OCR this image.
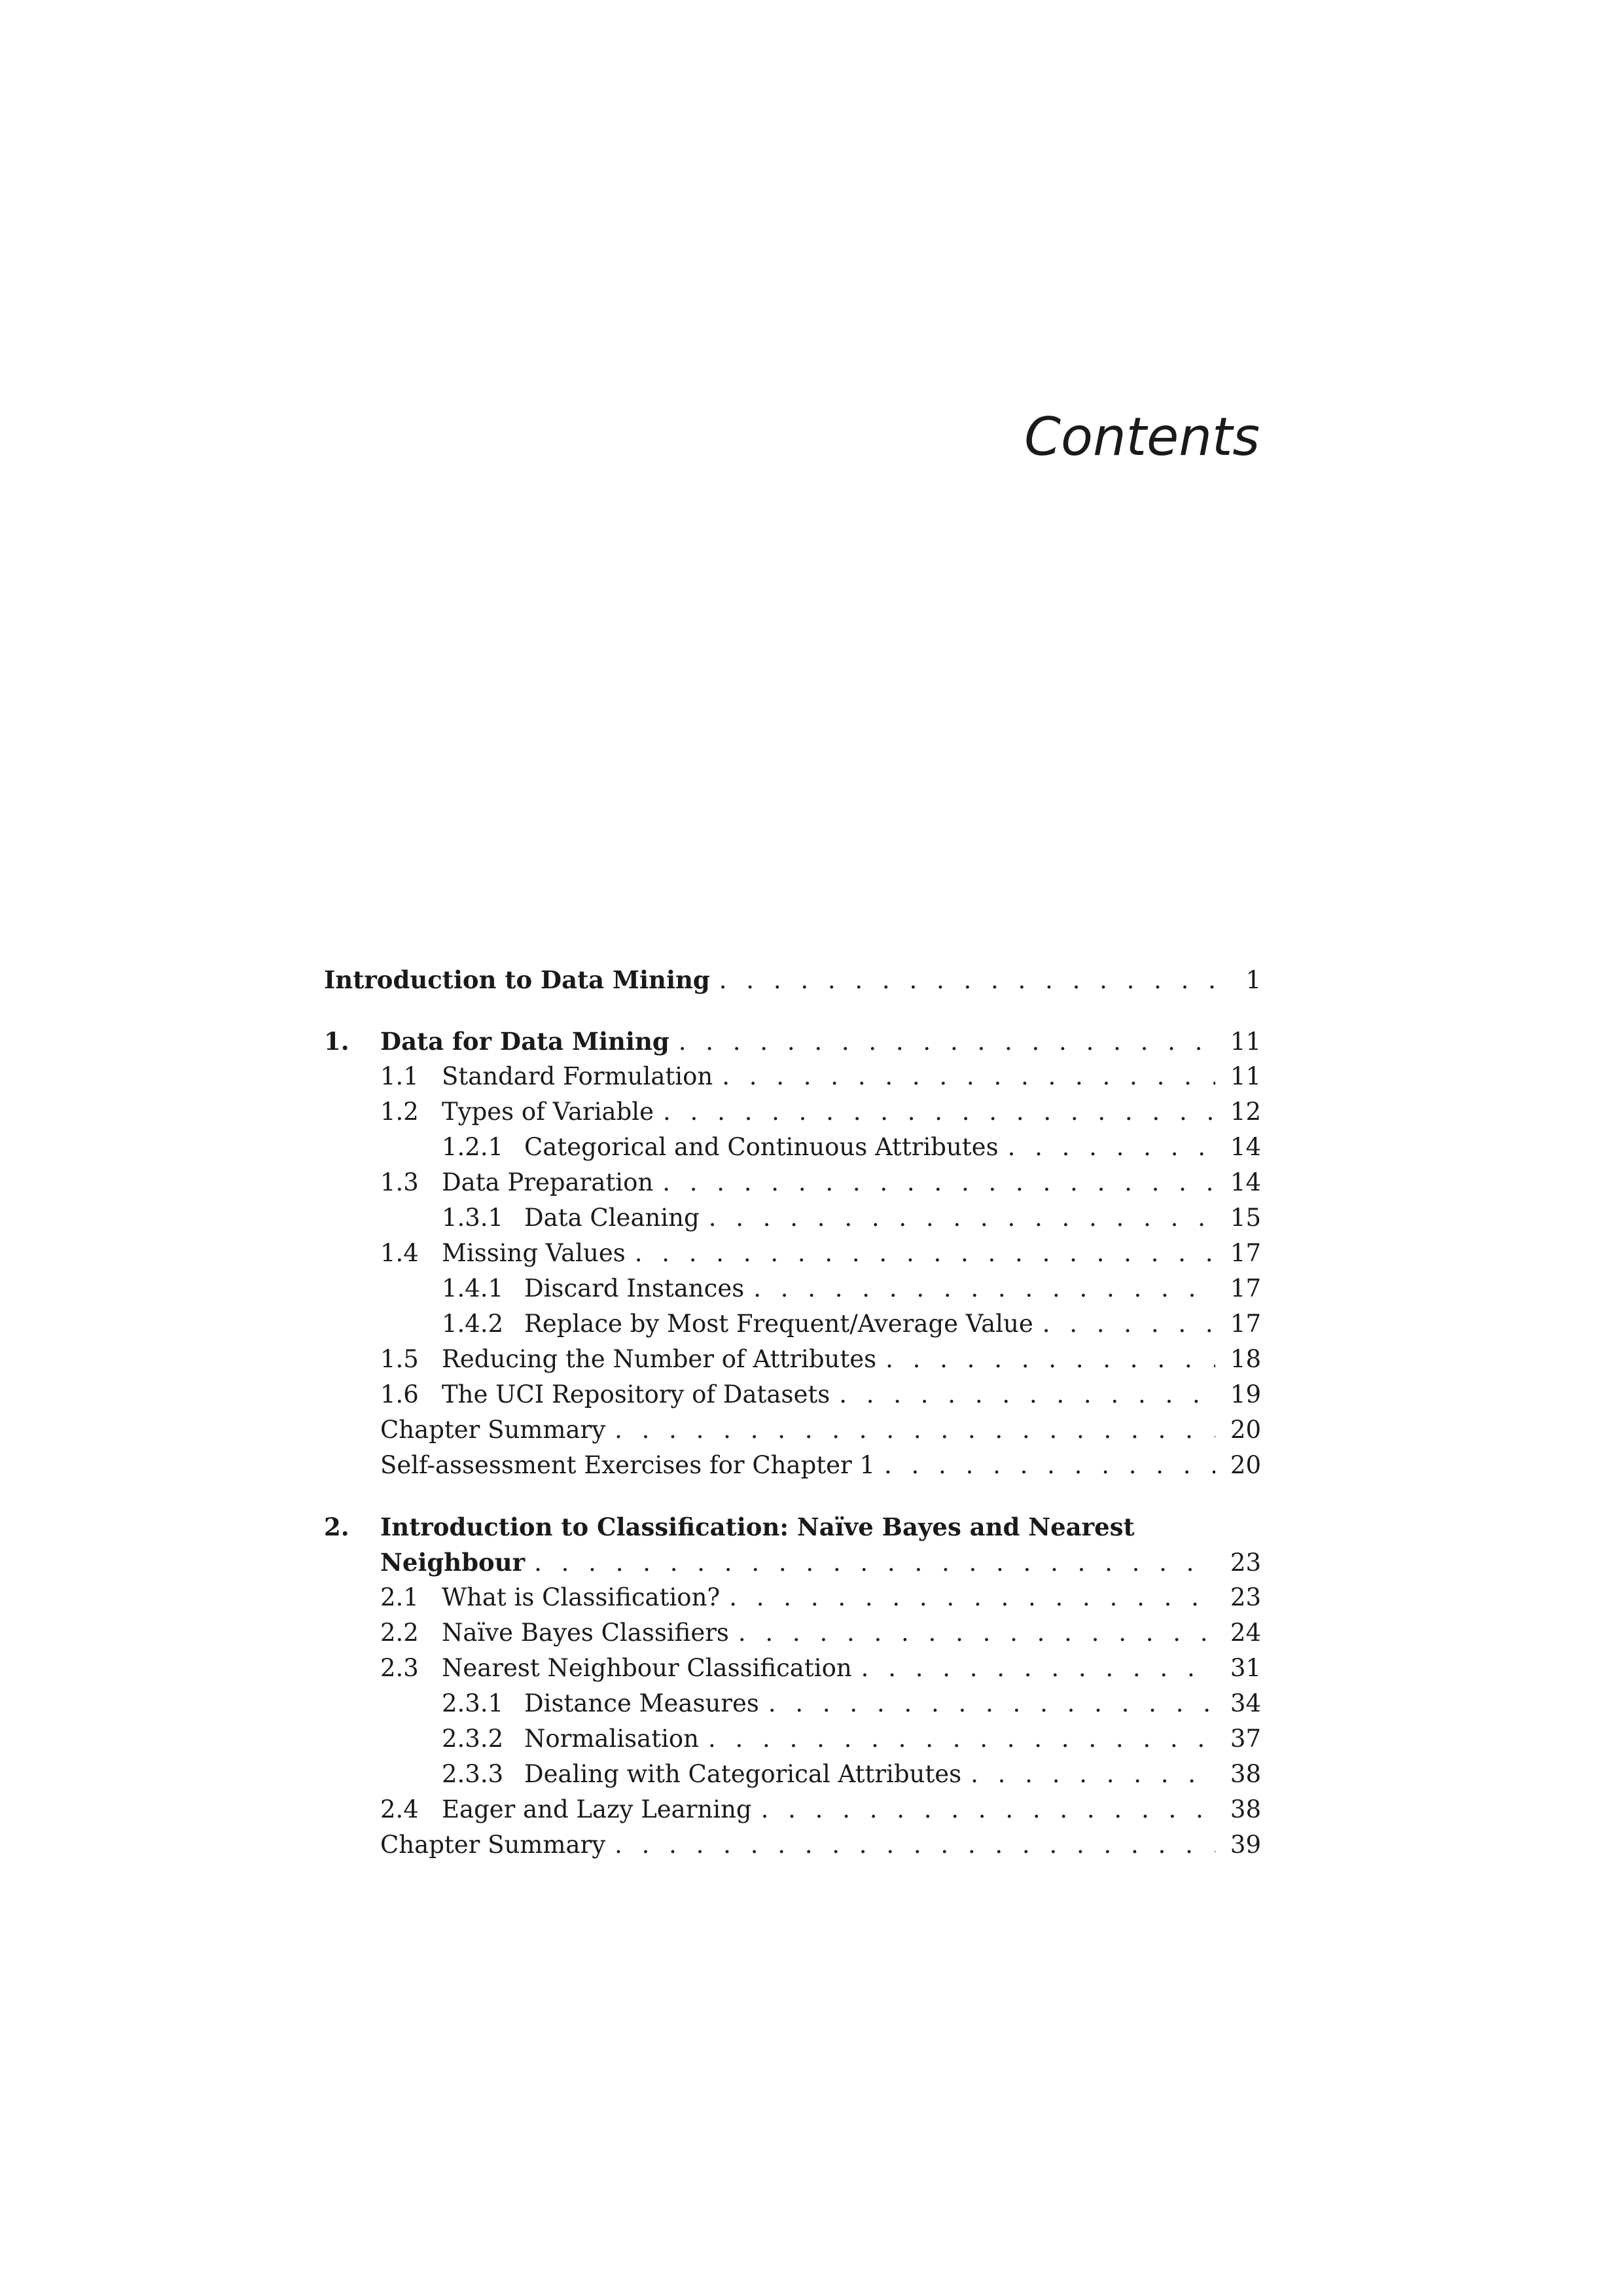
Contents
Introduction to Data Mining . . .	1
1.	Data for Data Mining . . .	11
1.1 Standard Formulation . . .	11
1.2 Types of Variable . . .	12
1.2.1 Categorical and Continuous Attributes . . .	14
1.3 Data Preparation . . .	14
1.3.1 Data Cleaning . . .	15
1.4 Missing Values . . .	17
1.4.1 Discard Instances . . .	17
1.4.2 Replace by Most Frequent/Average Value . . .	17
1.5 Reducing the Number of Attributes . . .	18
1.6 The UCI Repository of Datasets . . .	19
Chapter Summary . . .	20
Self-assessment Exercises for Chapter 1 . . .	20
2.	Introduction to Classification: Naïve Bayes and Nearest
Neighbour . . .	23
2.1 What is Classification? . . .	23
2.2 Naïve Bayes Classifiers . . .	24
2.3 Nearest Neighbour Classification . . .	31
2.3.1 Distance Measures . . .	34
2.3.2 Normalisation . . .	37
2.3.3 Dealing with Categorical Attributes . . .	38
2.4 Eager and Lazy Learning . . .	38
Chapter Summary . . .	39
